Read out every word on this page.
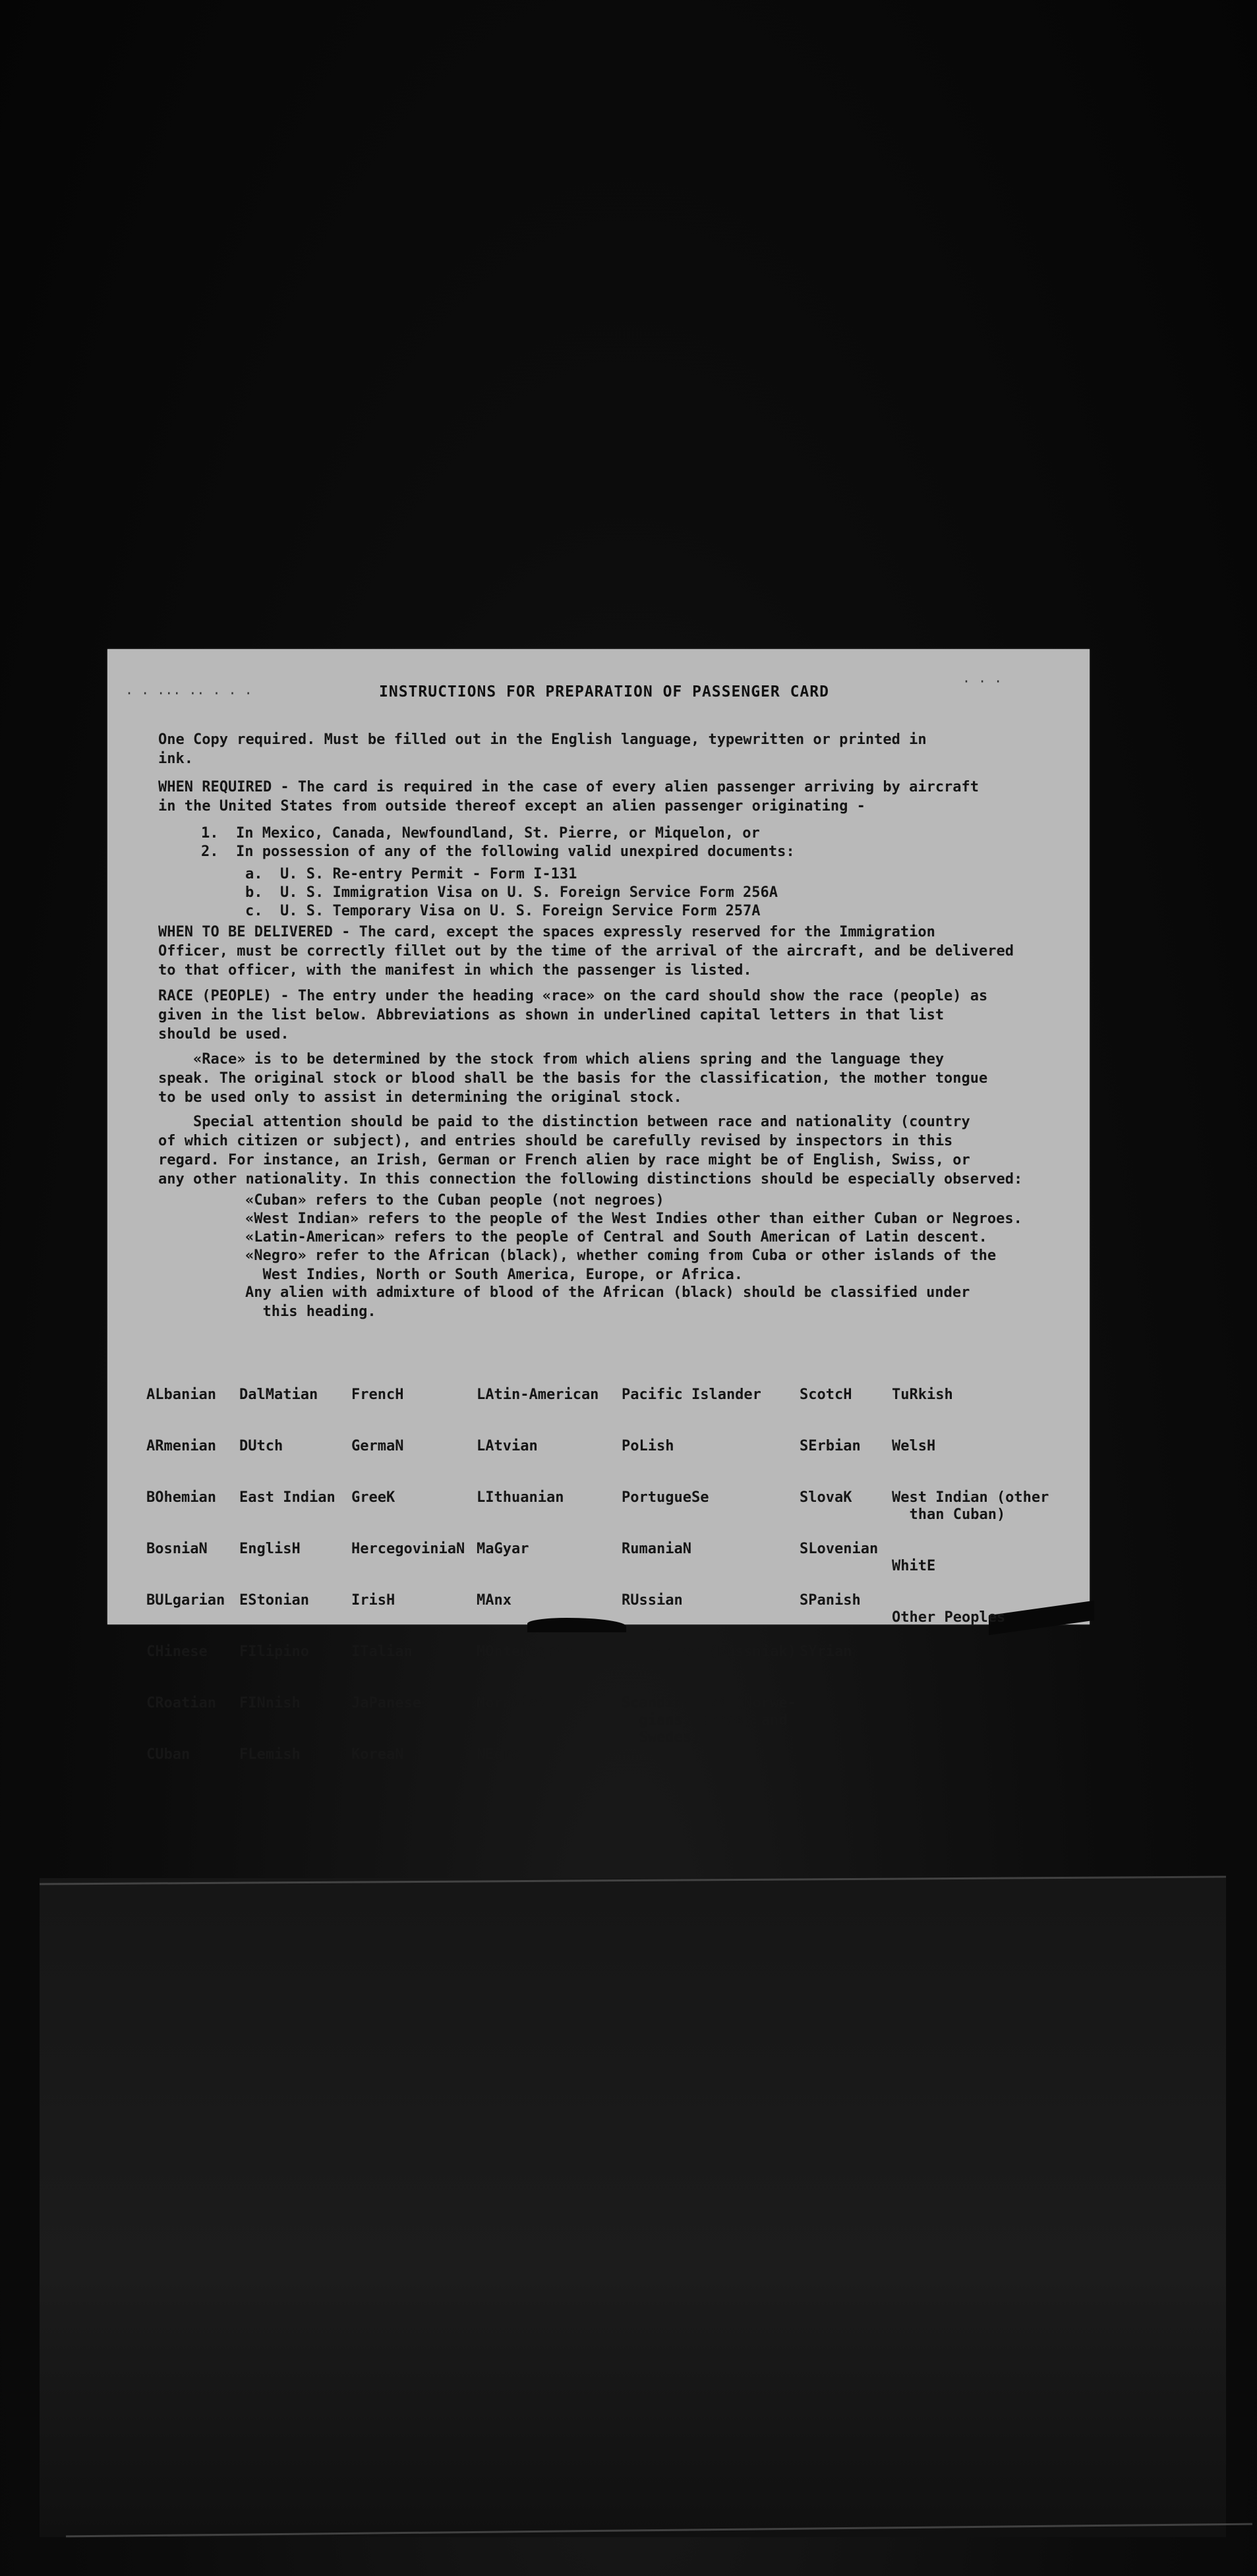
· · ··· ·· · · ·
· · ·
INSTRUCTIONS FOR PREPARATION OF PASSENGER CARD
One Copy required. Must be filled out in the English language, typewritten or printed in
ink.
WHEN REQUIRED - The card is required in the case of every alien passenger arriving by aircraft
in the United States from outside thereof except an alien passenger originating -
1.  In Mexico, Canada, Newfoundland, St. Pierre, or Miquelon, or
2.  In possession of any of the following valid unexpired documents:
a.  U. S. Re-entry Permit - Form I-131
b.  U. S. Immigration Visa on U. S. Foreign Service Form 256A
c.  U. S. Temporary Visa on U. S. Foreign Service Form 257A
WHEN TO BE DELIVERED - The card, except the spaces expressly reserved for the Immigration
Officer, must be correctly fillet out by the time of the arrival of the aircraft, and be delivered
to that officer, with the manifest in which the passenger is listed.
RACE (PEOPLE) - The entry under the heading «race» on the card should show the race (people) as
given in the list below. Abbreviations as shown in underlined capital letters in that list
should be used.
«Race» is to be determined by the stock from which aliens spring and the language they
speak. The original stock or blood shall be the basis for the classification, the mother tongue
to be used only to assist in determining the original stock.
Special attention should be paid to the distinction between race and nationality (country
of which citizen or subject), and entries should be carefully revised by inspectors in this
regard. For instance, an Irish, German or French alien by race might be of English, Swiss, or
any other nationality. In this connection the following distinctions should be especially observed:
«Cuban» refers to the Cuban people (not negroes)
«West Indian» refers to the people of the West Indies other than either Cuban or Negroes.
«Latin-American» refers to the people of Central and South American of Latin descent.
«Negro» refer to the African (black), whether coming from Cuba or other islands of the
West Indies, North or South America, Europe, or Africa.
Any alien with admixture of blood of the African (black) should be classified under
this heading.

ALbanian

ARmenian

BOhemian

BosniaN

BULgarian

CHinese

CRoatian

CUban

DalMatian

DUtch

East Indian

EnglisH

EStonian

FIlipino

FINnish

FLemish

FrencH

GermaN

GreeK

HercegoviniaN

IrisH

ITalian

JaPanese

KoreaN

LAtin-American

LAtvian

LIthuanian

MaGyar

MAnx

MOntenegrin

MoraviaN

NEgro

Pacific Islander

PoLish

PortugueSe

RumaniaN

RUssian

RuThenian (Russniak)

ScandinaviaN (Norwe-
gians, Danes, and
Swedes)

ScotcH

SErbian

SlovaK

SLovenian

SPanish

SYrian

TuRkish

WelsH

West Indian (other
than Cuban)

WhitE

Other Peoples
